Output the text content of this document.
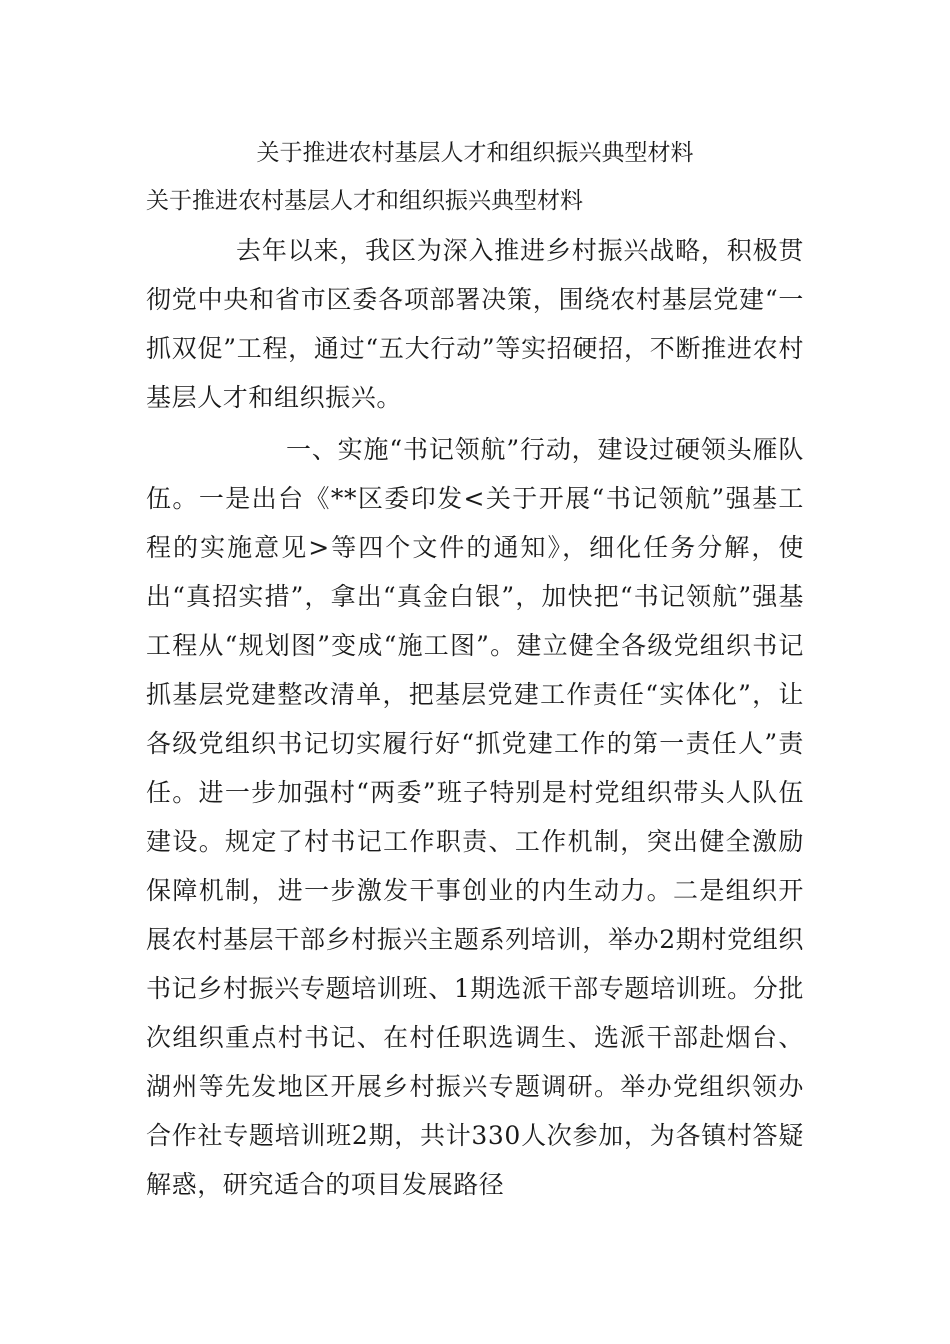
关于推进农村基层人才和组织振兴典型材料
关于推进农村基层人才和组织振兴典型材料

去年以来，我区为深入推进乡村振兴战略，积极贯彻党中央和省市区委各项部署决策，围绕农村基层党建“一抓双促”工程，通过“五大行动”等实招硬招，不断推进农村基层人才和组织振兴。

一、实施“书记领航”行动，建设过硬领头雁队伍。一是出台《**区委印发<关于开展“书记领航”强基工程的实施意见>等四个文件的通知》，细化任务分解，使出“真招实措”，拿出“真金白银”，加快把“书记领航”强基工程从“规划图”变成“施工图”。建立健全各级党组织书记抓基层党建整改清单，把基层党建工作责任“实体化”，让各级党组织书记切实履行好“抓党建工作的第一责任人”责任。进一步加强村“两委”班子特别是村党组织带头人队伍建设。规定了村书记工作职责、工作机制，突出健全激励保障机制，进一步激发干事创业的内生动力。二是组织开展农村基层干部乡村振兴主题系列培训，举办2期村党组织书记乡村振兴专题培训班、1期选派干部专题培训班。分批次组织重点村书记、在村任职选调生、选派干部赴烟台、湖州等先发地区开展乡村振兴专题调研。举办党组织领办合作社专题培训班2期，共计330人次参加，为各镇村答疑解惑，研究适合的项目发展路径
